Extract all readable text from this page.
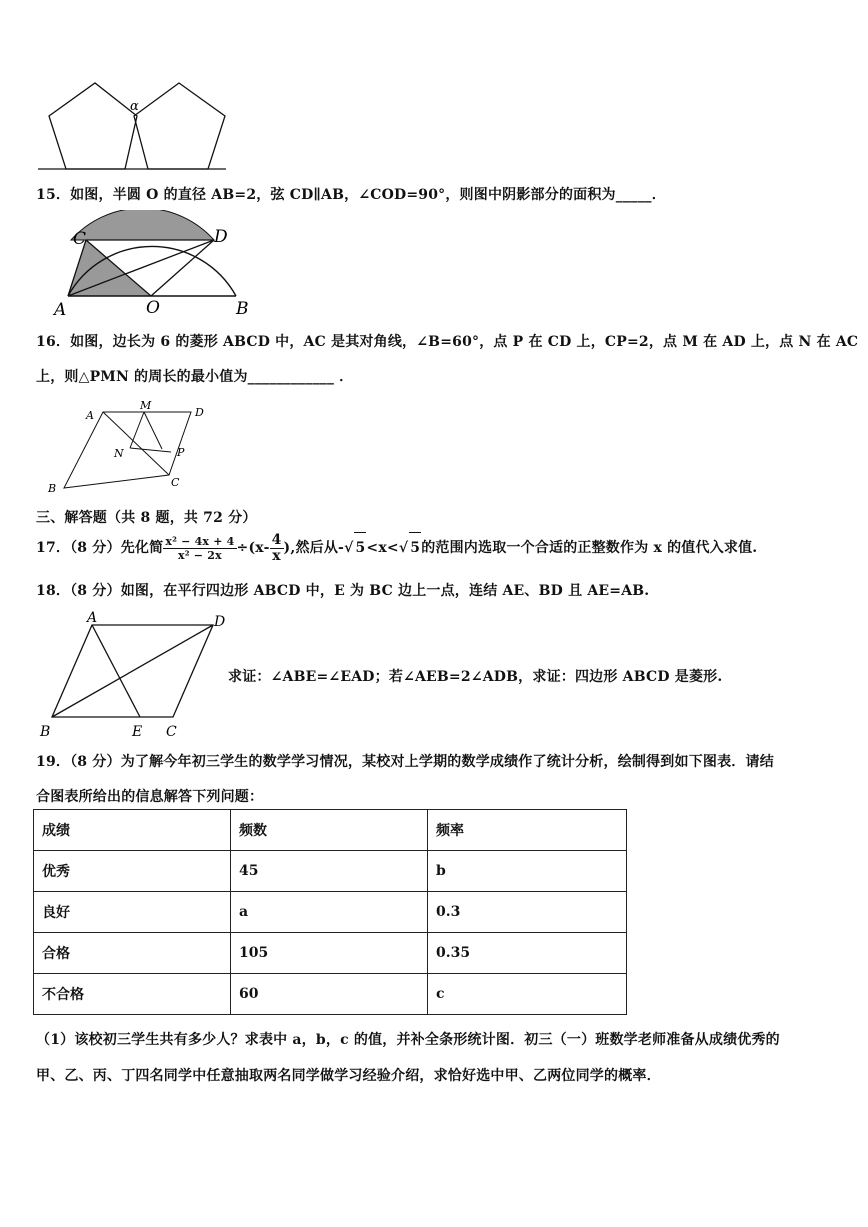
α
15．如图，半圆 O 的直径 AB=2，弦 CD∥AB，∠COD=90°，则图中阴影部分的面积为_____．
C	D
A	O	B
16．如图，边长为 6 的菱形 ABCD 中，AC 是其对角线，∠B=60°，点 P 在 CD 上，CP=2，点 M 在 AD 上，点 N 在 AC
上，则△PMN 的周长的最小值为____________ ．
A
M
D
P
N
C
B
三、解答题（共 8 题，共 72 分）
17．（8 分）先化简 $\frac{\text{x² − 4x + 4}}{\text{x² − 2x}} \div(x- \frac{4}{x}$ ),然后从-√ 5<x<√ 5的范围内选取一个合适的正整数作为 x 的值代入求值.
18．（8 分）如图，在平行四边形 ABCD 中，E 为 BC 边上一点，连结 AE、BD 且 AE=AB.
A	D
B	E C
求证：∠ABE=∠EAD；若∠AEB=2∠ADB，求证：四边形 ABCD 是菱形.
19．（8 分）为了解今年初三学生的数学学习情况，某校对上学期的数学成绩作了统计分析，绘制得到如下图表．请结
合图表所给出的信息解答下列问题：
成绩	频数	频率
优秀	45	b
良好	a	0.3
合格	105	0.35
不合格	60	c
（1）该校初三学生共有多少人？求表中 a，b，c 的值，并补全条形统计图．初三（一）班数学老师准备从成绩优秀的
甲、乙、丙、丁四名同学中任意抽取两名同学做学习经验介绍，求恰好选中甲、乙两位同学的概率．
